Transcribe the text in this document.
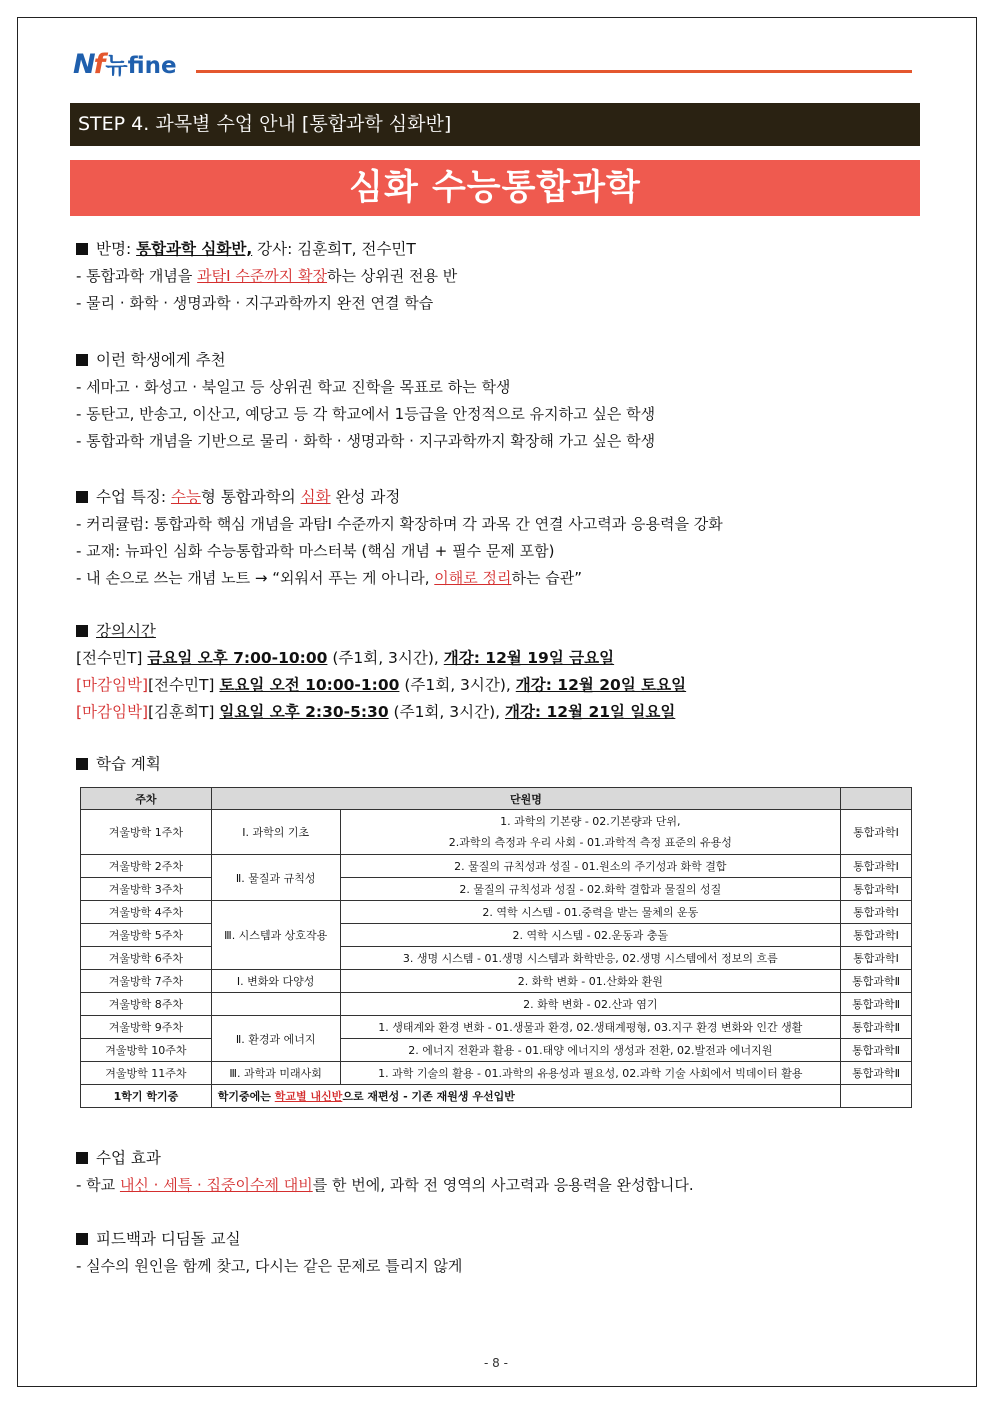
Nf 뉴fine
STEP 4. 과목별 수업 안내 [통합과학 심화반]
심화 수능통합과학
반명: 통합과학 심화반, 강사: 김훈희T, 전수민T
- 통합과학 개념을 과탐Ⅰ 수준까지 확장하는 상위권 전용 반
- 물리 · 화학 · 생명과학 · 지구과학까지 완전 연결 학습
이런 학생에게 추천
- 세마고 · 화성고 · 북일고 등 상위권 학교 진학을 목표로 하는 학생
- 동탄고, 반송고, 이산고, 예당고 등 각 학교에서 1등급을 안정적으로 유지하고 싶은 학생
- 통합과학 개념을 기반으로 물리 · 화학 · 생명과학 · 지구과학까지 확장해 가고 싶은 학생
수업 특징: 수능형 통합과학의 심화 완성 과정
- 커리큘럼: 통합과학 핵심 개념을 과탐Ⅰ 수준까지 확장하며 각 과목 간 연결 사고력과 응용력을 강화
- 교재: 뉴파인 심화 수능통합과학 마스터북 (핵심 개념 + 필수 문제 포함)
- 내 손으로 쓰는 개념 노트 → “외워서 푸는 게 아니라, 이해로 정리하는 습관”
강의시간
[전수민T] 금요일 오후 7:00-10:00 (주1회, 3시간), 개강: 12월 19일 금요일
[마감임박][전수민T] 토요일 오전 10:00-1:00 (주1회, 3시간), 개강: 12월 20일 토요일
[마감임박][김훈희T] 일요일 오후 2:30-5:30 (주1회, 3시간), 개강: 12월 21일 일요일
학습 계획
주차	단원명		
겨울방학 1주차	Ⅰ. 과학의 기초	1. 과학의 기본량 - 02.기본량과 단위,
2.과학의 측정과 우리 사회 - 01.과학적 측정 표준의 유용성	통합과학Ⅰ
겨울방학 2주차	Ⅱ. 물질과 규칙성	2. 물질의 규칙성과 성질 - 01.원소의 주기성과 화학 결합	통합과학Ⅰ
겨울방학 3주차		2. 물질의 규칙성과 성질 - 02.화학 결합과 물질의 성질	통합과학Ⅰ
겨울방학 4주차	Ⅲ. 시스템과 상호작용	2. 역학 시스템 - 01.중력을 받는 물체의 운동	통합과학Ⅰ
겨울방학 5주차		2. 역학 시스템 - 02.운동과 충돌	통합과학Ⅰ
겨울방학 6주차		3. 생명 시스템 - 01.생명 시스템과 화학반응, 02.생명 시스템에서 정보의 흐름	통합과학Ⅰ
겨울방학 7주차	Ⅰ. 변화와 다양성	2. 화학 변화 - 01.산화와 환원	통합과학Ⅱ
겨울방학 8주차		2. 화학 변화 - 02.산과 염기	통합과학Ⅱ
겨울방학 9주차	Ⅱ. 환경과 에너지	1. 생태계와 환경 변화 - 01.생물과 환경, 02.생태계평형, 03.지구 환경 변화와 인간 생활	통합과학Ⅱ
겨울방학 10주차		2. 에너지 전환과 활용 - 01.태양 에너지의 생성과 전환, 02.발전과 에너지원	통합과학Ⅱ
겨울방학 11주차	Ⅲ. 과학과 미래사회	1. 과학 기술의 활용 - 01.과학의 유용성과 필요성, 02.과학 기술 사회에서 빅데이터 활용	통합과학Ⅱ
1학기 학기중	학기중에는 학교별 내신반으로 재편성 - 기존 재원생 우선입반		
수업 효과
- 학교 내신 · 세특 · 집중이수제 대비를 한 번에, 과학 전 영역의 사고력과 응용력을 완성합니다.
피드백과 디딤돌 교실
- 실수의 원인을 함께 찾고, 다시는 같은 문제로 틀리지 않게
- 8 -
